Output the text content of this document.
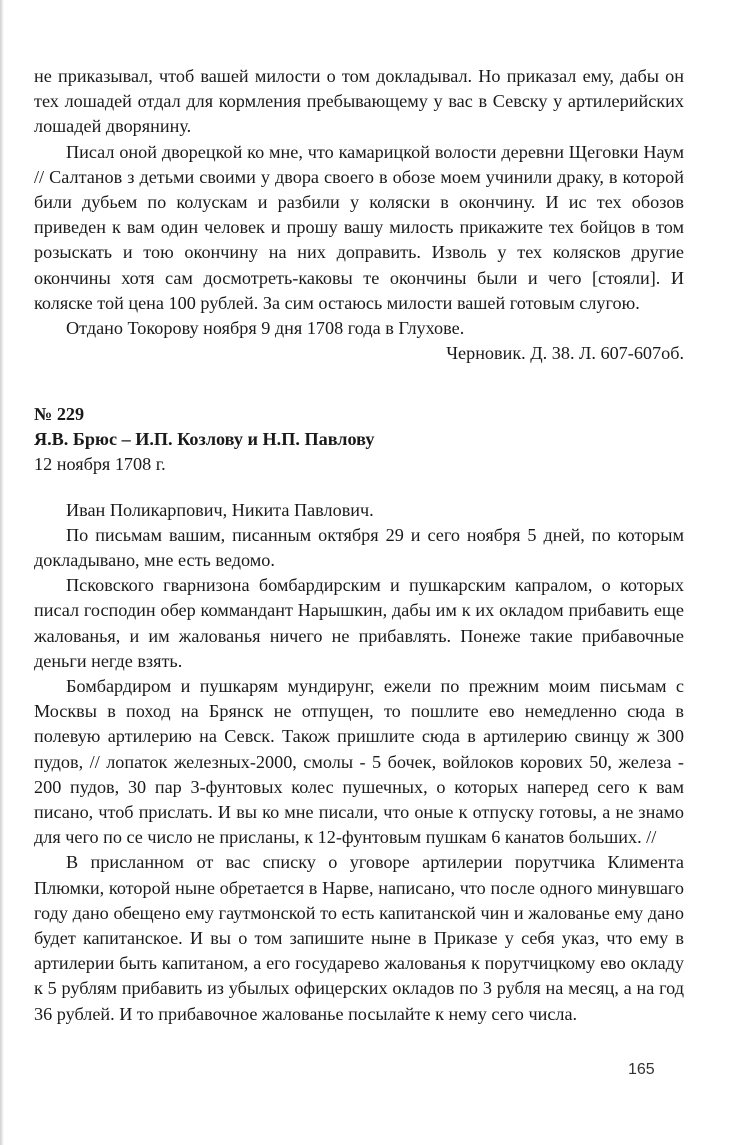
не приказывал, чтоб вашей милости о том докладывал. Но приказал ему, дабы он тех лошадей отдал для кормления пребывающему у вас в Севску у артилерийских лошадей дворянину.

Писал оной дворецкой ко мне, что камарицкой волости деревни Щеговки Наум // Салтанов з детьми своими у двора своего в обозе моем учинили драку, в которой били дубьем по колускам и разбили у коляски в окончину. И ис тех обозов приведен к вам один человек и прошу вашу милость прикажите тех бойцов в том розыскать и тою окончину на них доправить. Изволь у тех колясков другие окончины хотя сам досмотреть-каковы те окончины были и чего [стояли]. И коляске той цена 100 рублей. За сим остаюсь милости вашей готовым слугою.

Отдано Токорову ноября 9 дня 1708 года в Глухове.

Черновик. Д. 38. Л. 607-607об.

№ 229

Я.В. Брюс – И.П. Козлову и Н.П. Павлову

12 ноября 1708 г.

Иван Поликарпович, Никита Павлович.

По письмам вашим, писанным октября 29 и сего ноября 5 дней, по которым докладывано, мне есть ведомо.

Псковского гварнизона бомбардирским и пушкарским капралом, о которых писал господин обер коммандант Нарышкин, дабы им к их окладом прибавить еще жалованья, и им жалованья ничего не прибавлять. Понеже такие прибавочные деньги негде взять.

Бомбардиром и пушкарям мундирунг, ежели по прежним моим письмам с Москвы в поход на Брянск не отпущен, то пошлите ево немедленно сюда в полевую артилерию на Севск. Також пришлите сюда в артилерию свинцу ж 300 пудов, // лопаток железных-2000, смолы - 5 бочек, войлоков корових 50, железа - 200 пудов, 30 пар 3-фунтовых колес пушечных, о которых наперед сего к вам писано, чтоб прислать. И вы ко мне писали, что оные к отпуску готовы, а не знамо для чего по се число не присланы, к 12-фунтовым пушкам 6 канатов больших. //

В присланном от вас списку о уговоре артилерии порутчика Климента Плюмки, которой ныне обретается в Нарве, написано, что после одного минувшаго году дано обещено ему гаутмонской то есть капитанской чин и жалованье ему дано будет капитанское. И вы о том запишите ныне в Приказе у себя указ, что ему в артилерии быть капитаном, а его государево жалованья к порутчицкому ево окладу к 5 рублям прибавить из убылых офицерских окладов по 3 рубля на месяц, а на год 36 рублей. И то прибавочное жалованье посылайте к нему сего числа.

165
